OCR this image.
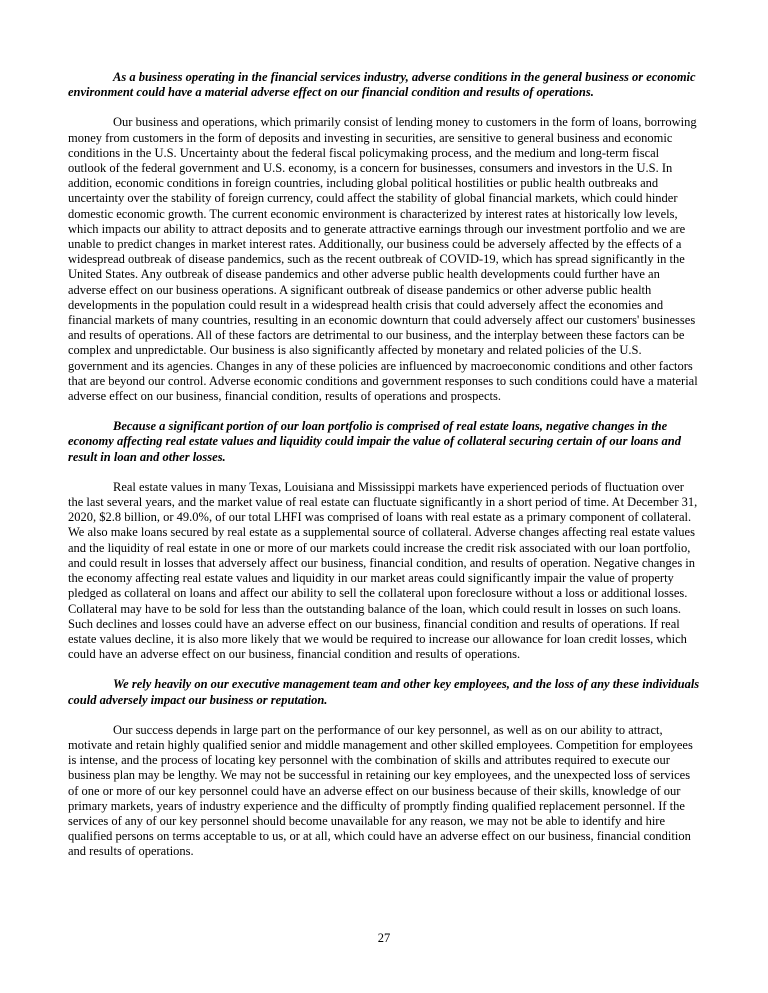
As a business operating in the financial services industry, adverse conditions in the general business or economic environment could have a material adverse effect on our financial condition and results of operations.

Our business and operations, which primarily consist of lending money to customers in the form of loans, borrowing money from customers in the form of deposits and investing in securities, are sensitive to general business and economic conditions in the U.S. Uncertainty about the federal fiscal policymaking process, and the medium and long-term fiscal outlook of the federal government and U.S. economy, is a concern for businesses, consumers and investors in the U.S. In addition, economic conditions in foreign countries, including global political hostilities or public health outbreaks and uncertainty over the stability of foreign currency, could affect the stability of global financial markets, which could hinder domestic economic growth. The current economic environment is characterized by interest rates at historically low levels, which impacts our ability to attract deposits and to generate attractive earnings through our investment portfolio and we are unable to predict changes in market interest rates. Additionally, our business could be adversely affected by the effects of a widespread outbreak of disease pandemics, such as the recent outbreak of COVID-19, which has spread significantly in the United States. Any outbreak of disease pandemics and other adverse public health developments could further have an adverse effect on our business operations. A significant outbreak of disease pandemics or other adverse public health developments in the population could result in a widespread health crisis that could adversely affect the economies and financial markets of many countries, resulting in an economic downturn that could adversely affect our customers' businesses and results of operations. All of these factors are detrimental to our business, and the interplay between these factors can be complex and unpredictable. Our business is also significantly affected by monetary and related policies of the U.S. government and its agencies. Changes in any of these policies are influenced by macroeconomic conditions and other factors that are beyond our control. Adverse economic conditions and government responses to such conditions could have a material adverse effect on our business, financial condition, results of operations and prospects.

Because a significant portion of our loan portfolio is comprised of real estate loans, negative changes in the economy affecting real estate values and liquidity could impair the value of collateral securing certain of our loans and result in loan and other losses.

Real estate values in many Texas, Louisiana and Mississippi markets have experienced periods of fluctuation over the last several years, and the market value of real estate can fluctuate significantly in a short period of time. At December 31, 2020, $2.8 billion, or 49.0%, of our total LHFI was comprised of loans with real estate as a primary component of collateral. We also make loans secured by real estate as a supplemental source of collateral. Adverse changes affecting real estate values and the liquidity of real estate in one or more of our markets could increase the credit risk associated with our loan portfolio, and could result in losses that adversely affect our business, financial condition, and results of operation. Negative changes in the economy affecting real estate values and liquidity in our market areas could significantly impair the value of property pledged as collateral on loans and affect our ability to sell the collateral upon foreclosure without a loss or additional losses. Collateral may have to be sold for less than the outstanding balance of the loan, which could result in losses on such loans. Such declines and losses could have an adverse effect on our business, financial condition and results of operations. If real estate values decline, it is also more likely that we would be required to increase our allowance for loan credit losses, which could have an adverse effect on our business, financial condition and results of operations.

We rely heavily on our executive management team and other key employees, and the loss of any these individuals could adversely impact our business or reputation.

Our success depends in large part on the performance of our key personnel, as well as on our ability to attract, motivate and retain highly qualified senior and middle management and other skilled employees. Competition for employees is intense, and the process of locating key personnel with the combination of skills and attributes required to execute our business plan may be lengthy. We may not be successful in retaining our key employees, and the unexpected loss of services of one or more of our key personnel could have an adverse effect on our business because of their skills, knowledge of our primary markets, years of industry experience and the difficulty of promptly finding qualified replacement personnel. If the services of any of our key personnel should become unavailable for any reason, we may not be able to identify and hire qualified persons on terms acceptable to us, or at all, which could have an adverse effect on our business, financial condition and results of operations.

27
